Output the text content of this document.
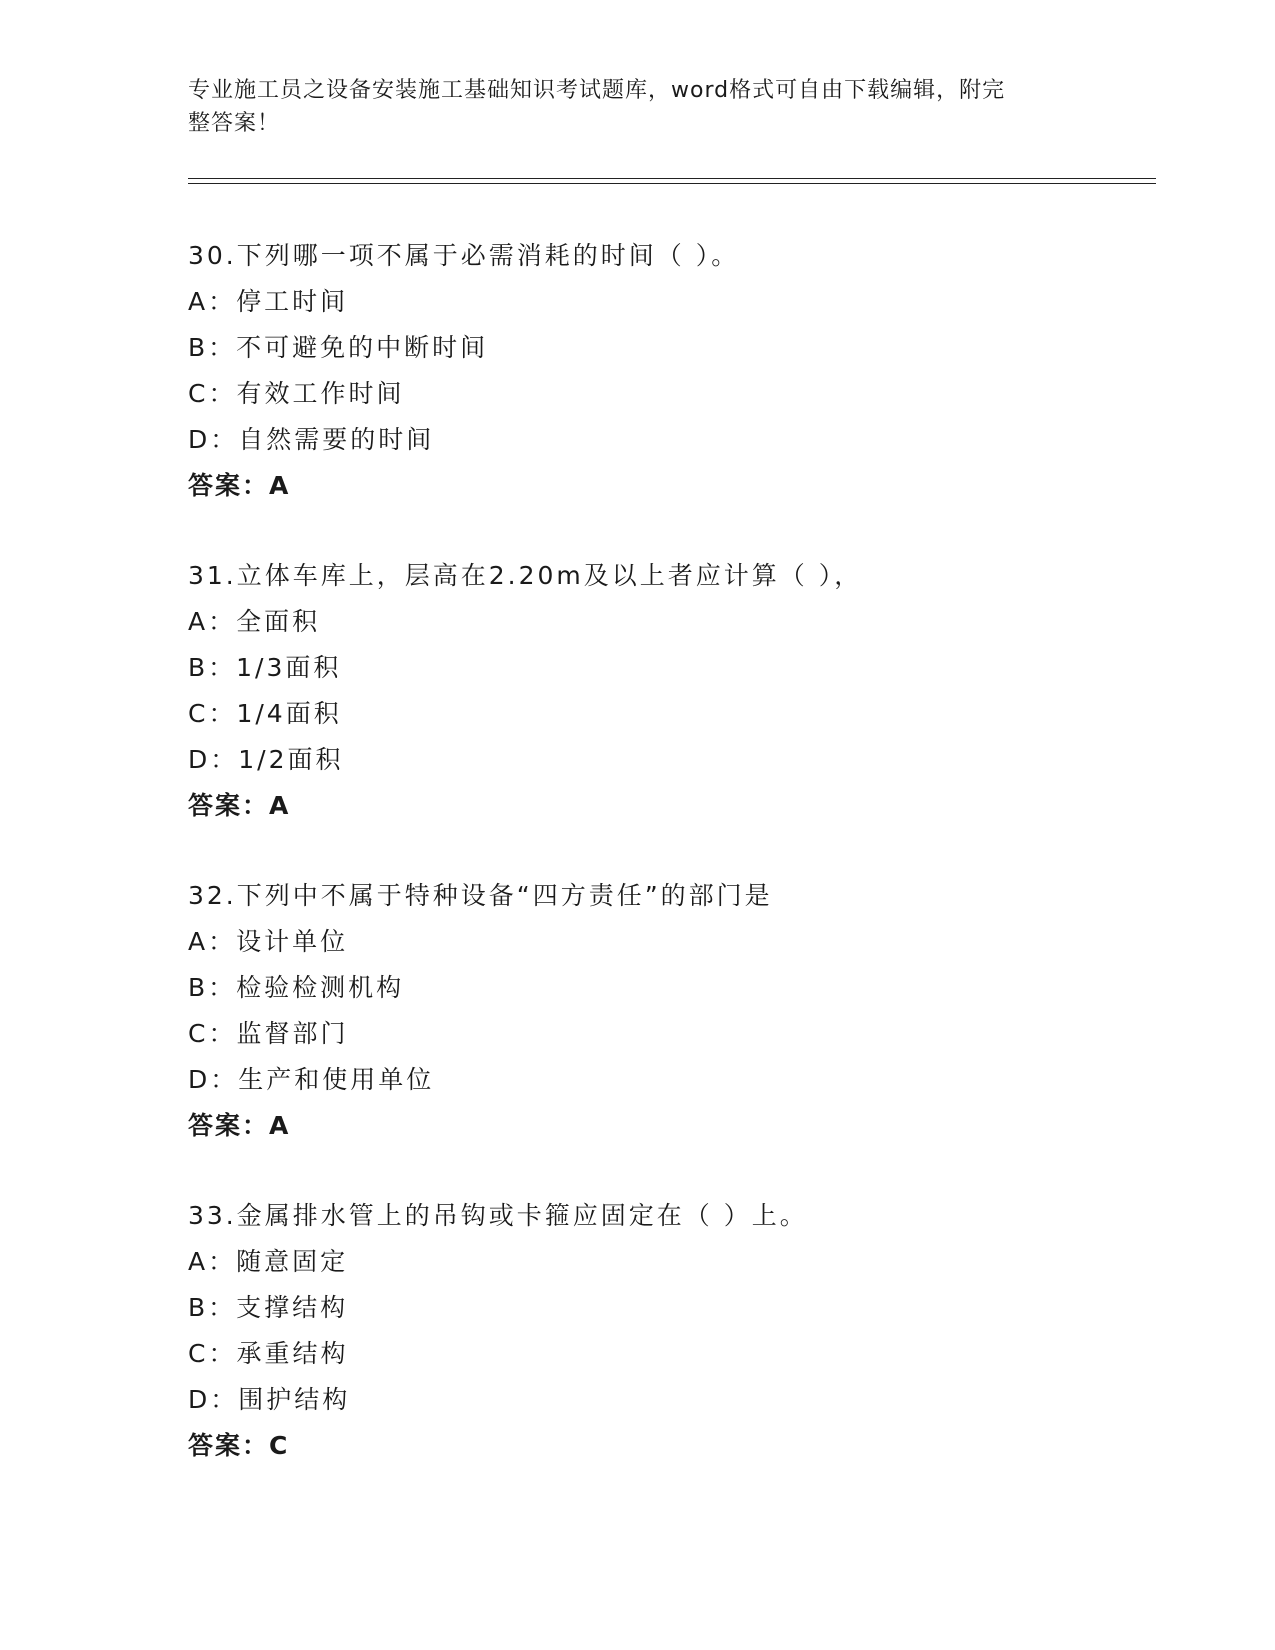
专业施工员之设备安装施工基础知识考试题库，word格式可自由下载编辑，附完
整答案！
30.下列哪一项不属于必需消耗的时间（ ）。
A：停工时间
B：不可避免的中断时间
C：有效工作时间
D：自然需要的时间
答案：A
31.立体车库上，层高在2.20m及以上者应计算（ ），
A：全面积
B：1/3面积
C：1/4面积
D：1/2面积
答案：A
32.下列中不属于特种设备“四方责任”的部门是
A：设计单位
B：检验检测机构
C：监督部门
D：生产和使用单位
答案：A
33.金属排水管上的吊钩或卡箍应固定在（ ）上。
A：随意固定
B：支撑结构
C：承重结构
D：围护结构
答案：C
